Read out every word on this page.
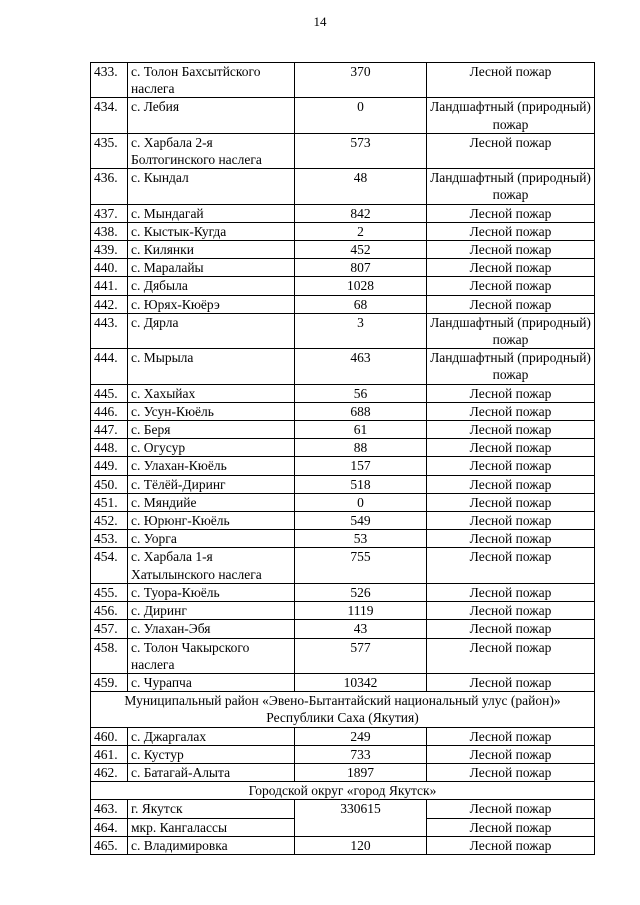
14
433.	с. Толон Бахсытйского наслега	370	Лесной пожар
434.	с. Лебия	0	Ландшафтный (природный) пожар
435.	с. Харбала 2-я Болтогинского наслега	573	Лесной пожар
436.	с. Кындал	48	Ландшафтный (природный) пожар
437.	с. Мындагай	842	Лесной пожар
438.	с. Кыстык-Кугда	2	Лесной пожар
439.	с. Килянки	452	Лесной пожар
440.	с. Маралайы	807	Лесной пожар
441.	с. Дябыла	1028	Лесной пожар
442.	с. Юрях-Кюёрэ	68	Лесной пожар
443.	с. Дярла	3	Ландшафтный (природный) пожар
444.	с. Мырыла	463	Ландшафтный (природный) пожар
445.	с. Хахыйах	56	Лесной пожар
446.	с. Усун-Кюёль	688	Лесной пожар
447.	с. Беря	61	Лесной пожар
448.	с. Огусур	88	Лесной пожар
449.	с. Улахан-Кюёль	157	Лесной пожар
450.	с. Тёлёй-Диринг	518	Лесной пожар
451.	с. Мяндийе	0	Лесной пожар
452.	с. Юрюнг-Кюёль	549	Лесной пожар
453.	с. Уорга	53	Лесной пожар
454.	с. Харбала 1-я Хатылынского наслега	755	Лесной пожар
455.	с. Туора-Кюёль	526	Лесной пожар
456.	с. Диринг	1119	Лесной пожар
457.	с. Улахан-Эбя	43	Лесной пожар
458.	с. Толон Чакырского наслега	577	Лесной пожар
459.	с. Чурапча	10342	Лесной пожар
Муниципальный район «Эвено-Бытантайский национальный улус (район)» Республики Саха (Якутия)			
460.	с. Джаргалах	249	Лесной пожар
461.	с. Кустур	733	Лесной пожар
462.	с. Батагай-Алыта	1897	Лесной пожар
Городской округ «город Якутск»			
463.	г. Якутск	330615	Лесной пожар
464.	мкр. Кангалассы		Лесной пожар
465.	с. Владимировка	120	Лесной пожар
